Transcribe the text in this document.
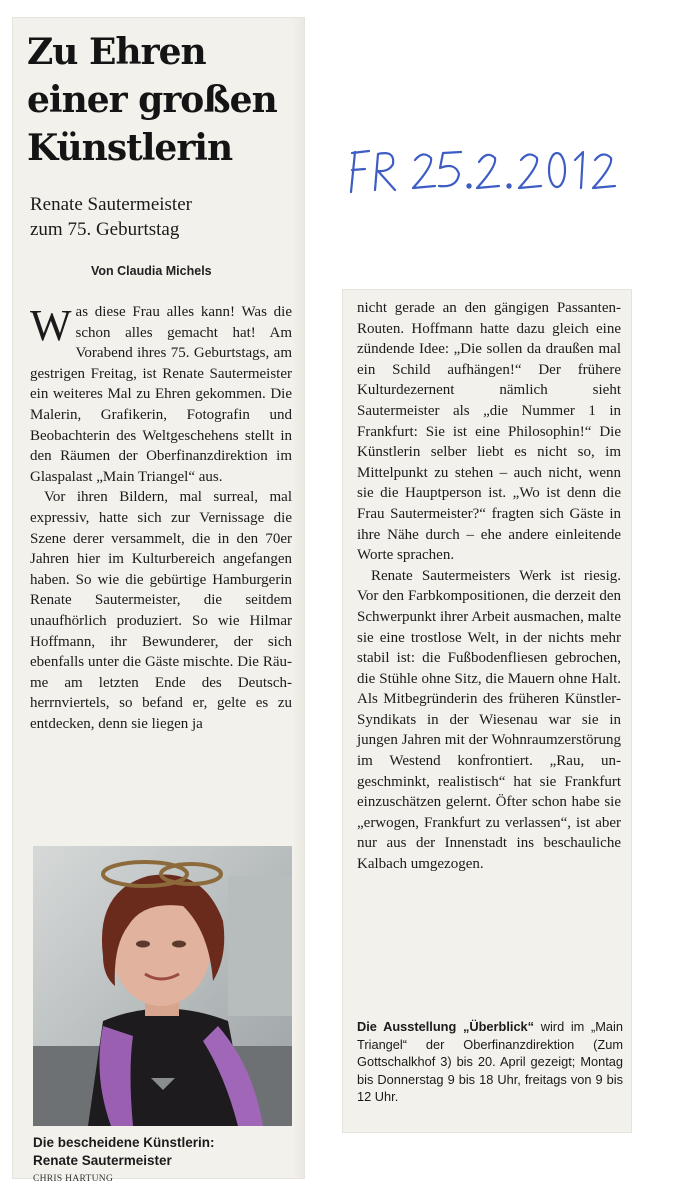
Zu Ehren
einer großen
Künstlerin
Renate Sautermeister
zum 75. Geburtstag
Von Claudia Michels

Was diese Frau alles kann! Was die schon alles gemacht hat! Am Vorabend ihres 75. Geburtstags, am gestrigen Freitag, ist Renate Sautermeister ein weiteres Mal zu Ehren gekommen. Die Malerin, Grafikerin, Fotografin und Beobachterin des Weltgeschehens stellt in den Räumen der Oberfinanzdirektion im Glaspalast „Main Triangel“ aus.

Vor ihren Bildern, mal surreal, mal expressiv, hatte sich zur Vernissage die Szene derer versammelt, die in den 70er Jahren hier im Kulturbereich angefangen haben. So wie die gebürtige Hamburgerin Renate Sautermeister, die seitdem unaufhörlich produziert. So wie Hilmar Hoffmann, ihr Bewunderer, der sich ebenfalls unter die Gäste mischte. Die Räume am letzten Ende des Deutschherrnviertels, so befand er, gelte es zu entdecken, denn sie liegen ja

Die bescheidene Künstlerin:
Renate Sautermeister
CHRIS HARTUNG

nicht gerade an den gängigen Passanten-Routen. Hoffmann hatte dazu gleich eine zündende Idee: „Die sollen da draußen mal ein Schild aufhängen!“ Der frühere Kulturdezernent nämlich sieht Sautermeister als „die Nummer 1 in Frankfurt: Sie ist eine Philosophin!“ Die Künstlerin selber liebt es nicht so, im Mittelpunkt zu stehen – auch nicht, wenn sie die Hauptperson ist. „Wo ist denn die Frau Sautermeister?“ fragten sich Gäste in ihre Nähe durch – ehe andere einleitende Worte sprachen.

Renate Sautermeisters Werk ist riesig. Vor den Farbkompositionen, die derzeit den Schwerpunkt ihrer Arbeit ausmachen, malte sie eine trostlose Welt, in der nichts mehr stabil ist: die Fußbodenfliesen gebrochen, die Stühle ohne Sitz, die Mauern ohne Halt. Als Mitbegründerin des früheren Künstler-Syndikats in der Wiesenau war sie in jungen Jahren mit der Wohnraumzerstörung im Westend konfrontiert. „Rau, ungeschminkt, realistisch“ hat sie Frankfurt einzuschätzen gelernt. Öfter schon habe sie „erwogen, Frankfurt zu verlassen“, ist aber nur aus der Innenstadt ins beschauliche Kalbach umgezogen.

Die Ausstellung „Überblick“ wird im „Main Triangel“ der Oberfinanzdirektion (Zum Gottschalkhof 3) bis 20. April gezeigt; Montag bis Donnerstag 9 bis 18 Uhr, freitags von 9 bis 12 Uhr.
